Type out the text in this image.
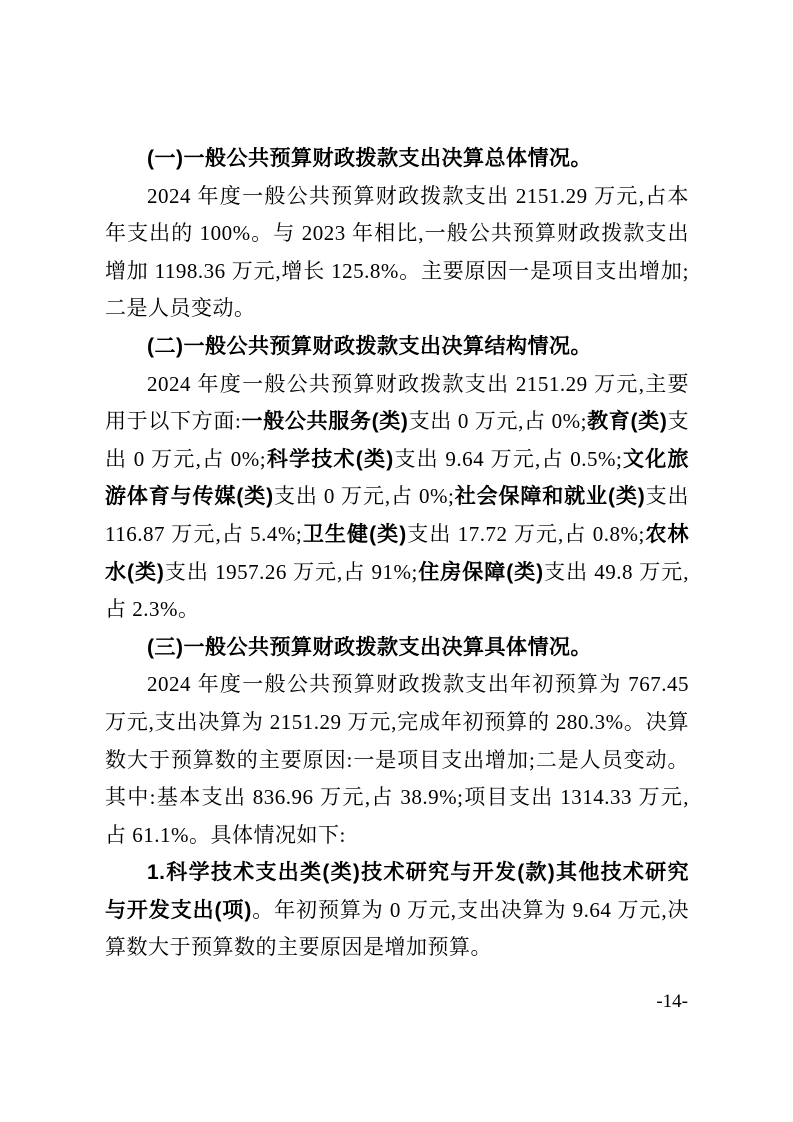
(一)一般公共预算财政拨款支出决算总体情况。

2024 年度一般公共预算财政拨款支出 2151.29 万元,占本年支出的 100%。与 2023 年相比,一般公共预算财政拨款支出增加 1198.36 万元,增长 125.8%。主要原因一是项目支出增加;二是人员变动。

(二)一般公共预算财政拨款支出决算结构情况。

2024 年度一般公共预算财政拨款支出 2151.29 万元,主要用于以下方面:一般公共服务(类)支出 0 万元,占 0%;教育(类)支出 0 万元,占 0%;科学技术(类)支出 9.64 万元,占 0.5%;文化旅游体育与传媒(类)支出 0 万元,占 0%;社会保障和就业(类)支出 116.87 万元,占 5.4%;卫生健(类)支出 17.72 万元,占 0.8%;农林水(类)支出 1957.26 万元,占 91%;住房保障(类)支出 49.8 万元,占 2.3%。

(三)一般公共预算财政拨款支出决算具体情况。

2024 年度一般公共预算财政拨款支出年初预算为 767.45 万元,支出决算为 2151.29 万元,完成年初预算的 280.3%。决算数大于预算数的主要原因:一是项目支出增加;二是人员变动。其中:基本支出 836.96 万元,占 38.9%;项目支出 1314.33 万元,占 61.1%。具体情况如下:

1.科学技术支出类(类)技术研究与开发(款)其他技术研究与开发支出(项)。年初预算为 0 万元,支出决算为 9.64 万元,决算数大于预算数的主要原因是增加预算。

-14-
